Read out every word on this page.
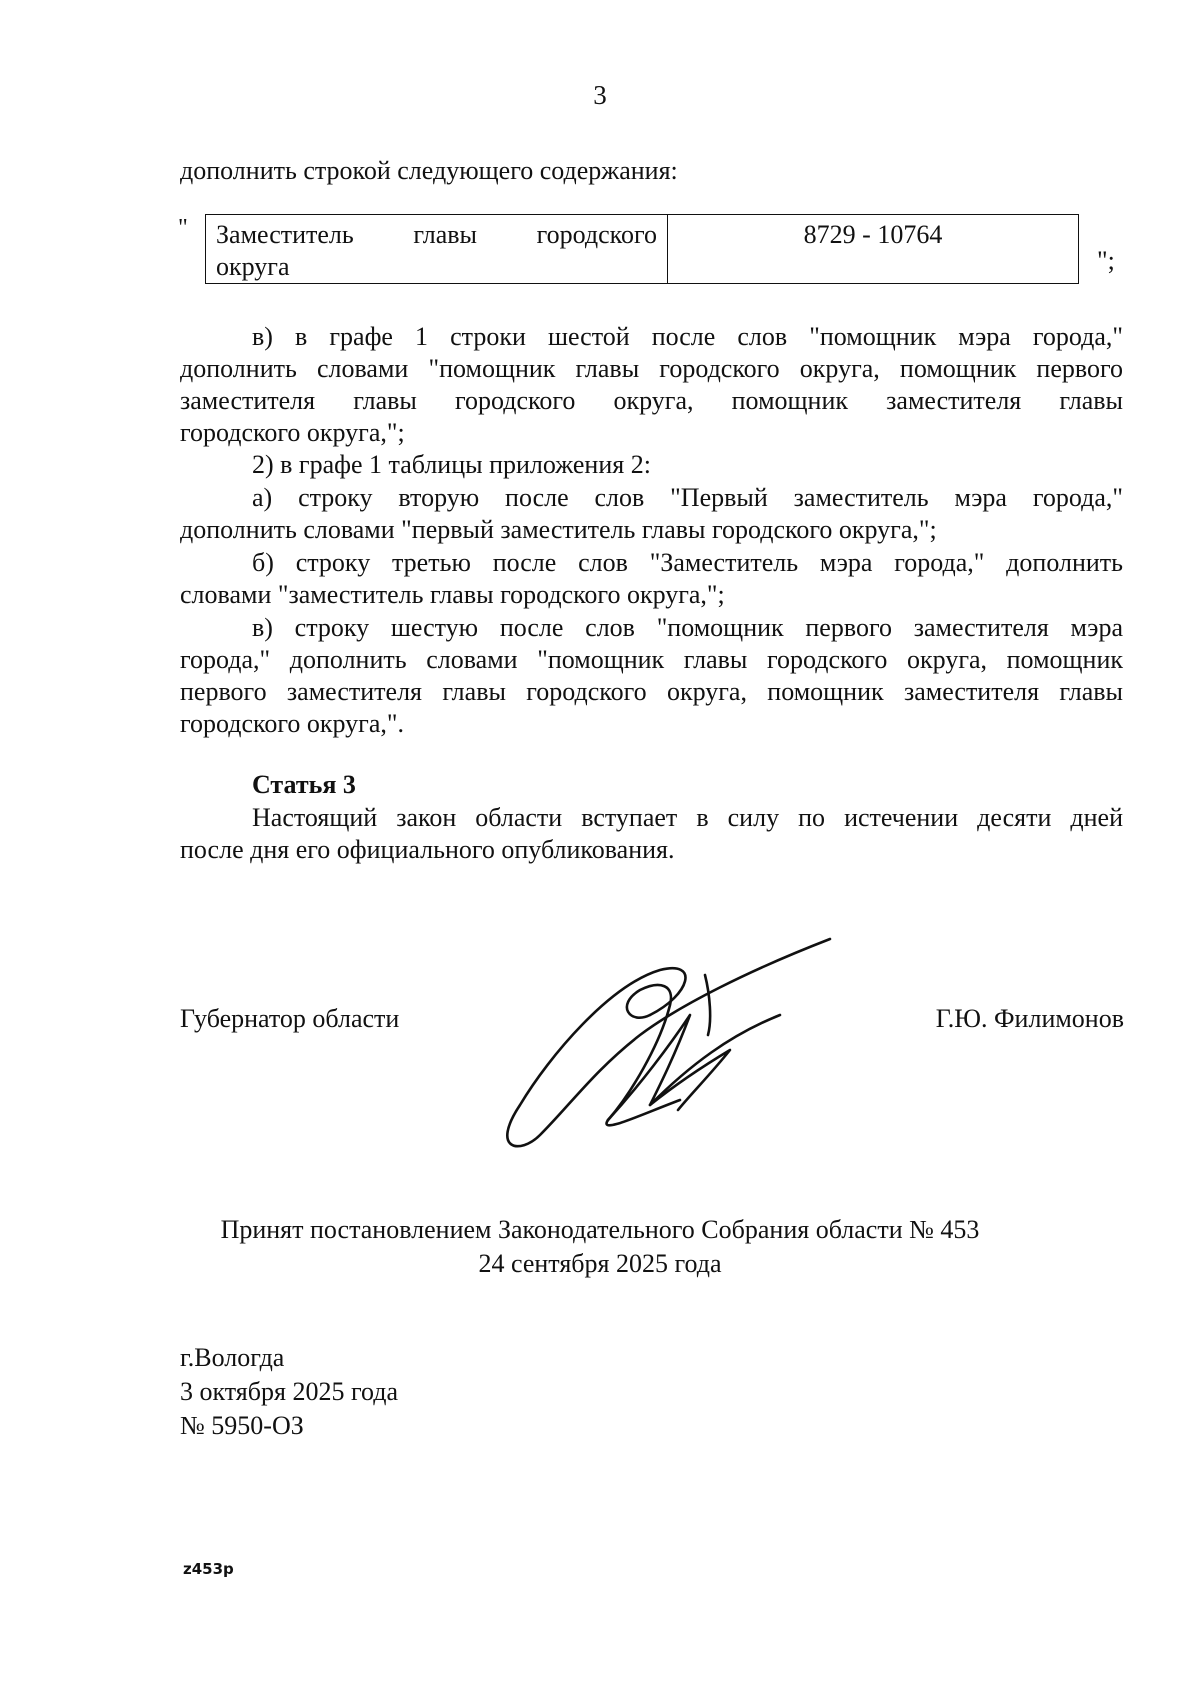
3
дополнить строкой следующего содержания:
" Заместитель главы городского
округа
	8729 - 10764
";
в) в графе 1 строки шестой после слов "помощник мэра города,"
дополнить словами "помощник главы городского округа, помощник первого
заместителя главы городского округа, помощник заместителя главы
городского округа,";
2) в графе 1 таблицы приложения 2:
а) строку вторую после слов "Первый заместитель мэра города,"
дополнить словами "первый заместитель главы городского округа,";
б) строку третью после слов "Заместитель мэра города," дополнить
словами "заместитель главы городского округа,";
в) строку шестую после слов "помощник первого заместителя мэра
города," дополнить словами "помощник главы городского округа, помощник
первого заместителя главы городского округа, помощник заместителя главы
городского округа,".
Статья 3
Настоящий закон области вступает в силу по истечении десяти дней
после дня его официального опубликования.
Губернатор области	Г.Ю. Филимонов
Принят постановлением Законодательного Собрания области № 453
24 сентября 2025 года
г.Вологда
3 октября 2025 года
№ 5950-ОЗ
z453p
